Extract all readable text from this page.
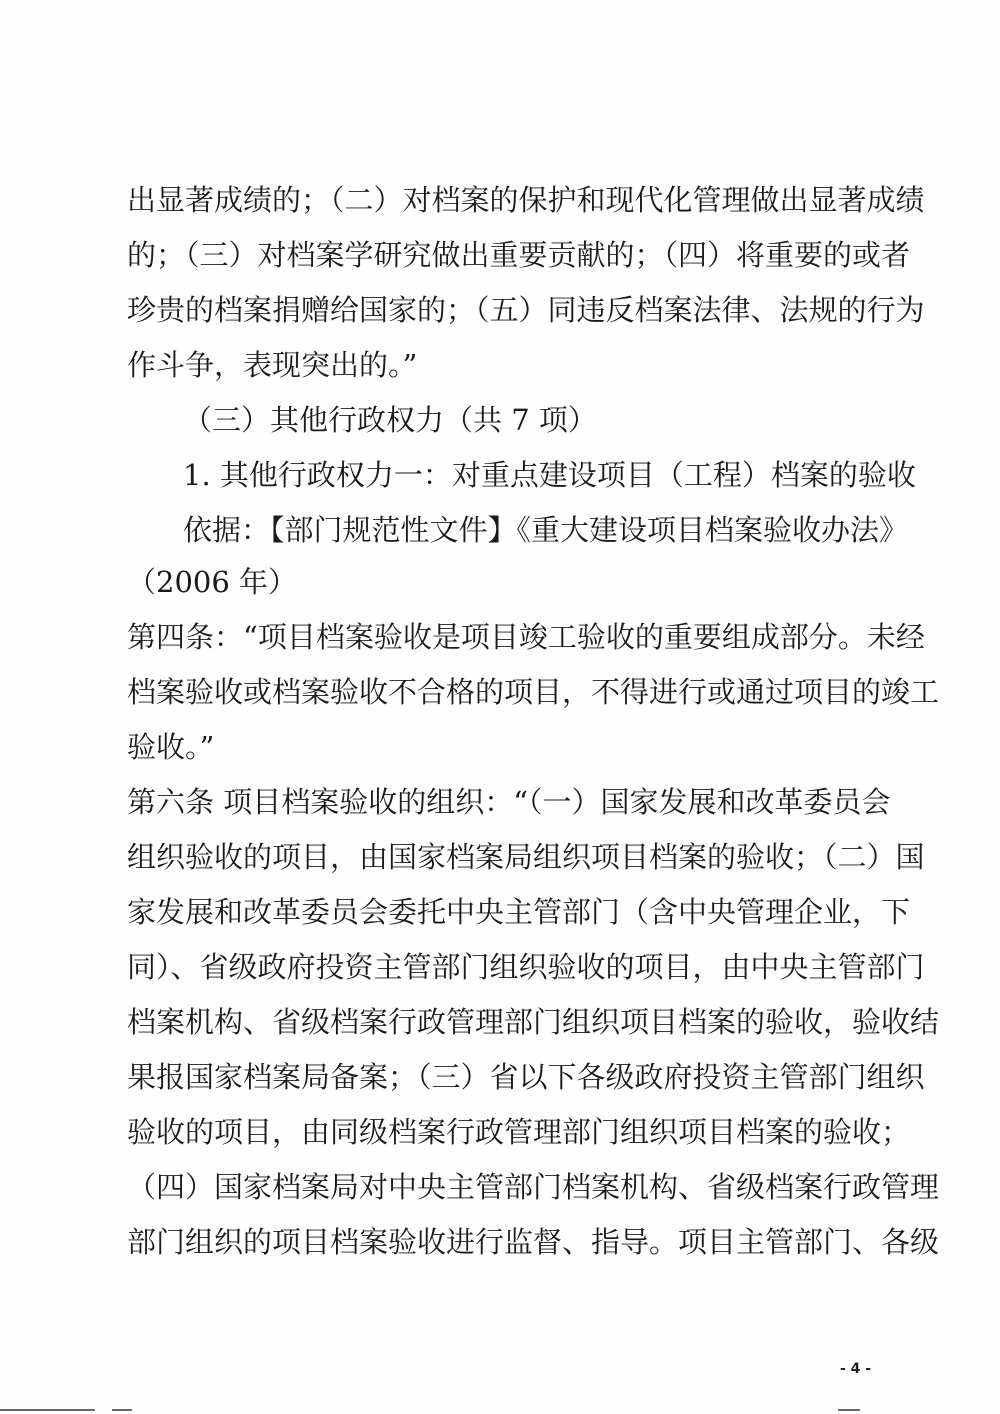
出显著成绩的；（二）对档案的保护和现代化管理做出显著成绩
的；（三）对档案学研究做出重要贡献的；（四）将重要的或者
珍贵的档案捐赠给国家的；（五）同违反档案法律、法规的行为
作斗争，表现突出的。”
（三）其他行政权力（共 7 项）
1. 其他行政权力一：对重点建设项目（工程）档案的验收
依据：【部门规范性文件】《重大建设项目档案验收办法》
（2006 年）
第四条：“项目档案验收是项目竣工验收的重要组成部分。未经
档案验收或档案验收不合格的项目，不得进行或通过项目的竣工
验收。”
第六条 项目档案验收的组织：“（一）国家发展和改革委员会
组织验收的项目，由国家档案局组织项目档案的验收；（二）国
家发展和改革委员会委托中央主管部门（含中央管理企业，下
同）、省级政府投资主管部门组织验收的项目，由中央主管部门
档案机构、省级档案行政管理部门组织项目档案的验收，验收结
果报国家档案局备案；（三）省以下各级政府投资主管部门组织
验收的项目，由同级档案行政管理部门组织项目档案的验收；
（四）国家档案局对中央主管部门档案机构、省级档案行政管理
部门组织的项目档案验收进行监督、指导。项目主管部门、各级
- 4 -
